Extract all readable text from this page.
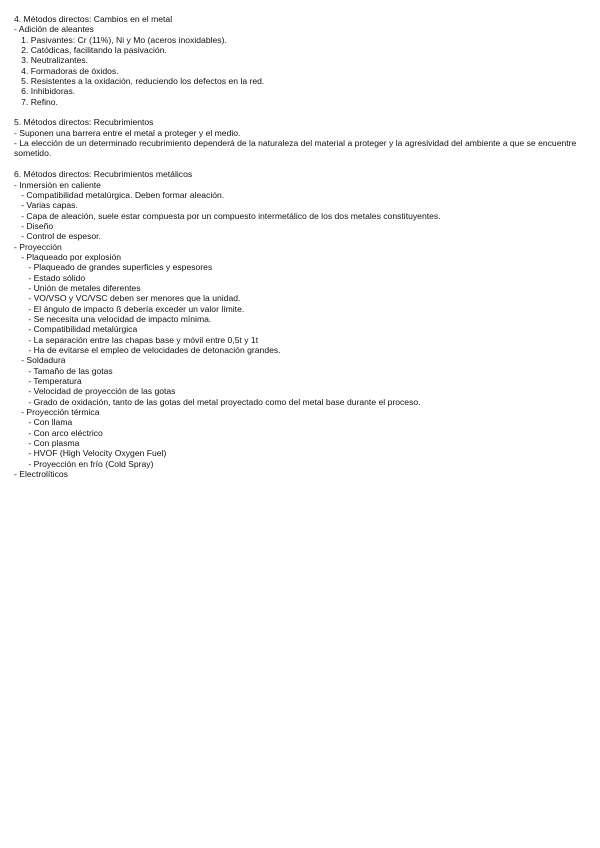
4. Métodos directos: Cambios en el metal
- Adición de aleantes
1. Pasivantes: Cr (11%), Ni y Mo (aceros inoxidables).
2. Catódicas, facilitando la pasivación.
3. Neutralizantes.
4. Formadoras de óxidos.
5. Resistentes a la oxidación, reduciendo los defectos en la red.
6. Inhibidoras.
7. Refino.
5. Métodos directos: Recubrimientos
- Suponen una barrera entre el metal a proteger y el medio.
- La elección de un determinado recubrimiento dependerá de la naturaleza del material a proteger y la agresividad del ambiente a que se encuentre sometido.
6. Métodos directos: Recubrimientos metálicos
- Inmersión en caliente
- Compatibilidad metalúrgica. Deben formar aleación.
- Varias capas.
- Capa de aleación, suele estar compuesta por un compuesto intermetálico de los dos metales constituyentes.
- Diseño
- Control de espesor.
- Proyección
- Plaqueado por explosión
- Plaqueado de grandes superficies y espesores
- Estado sólido
- Unión de metales diferentes
- VO/VSO y VC/VSC deben ser menores que la unidad.
- El ángulo de impacto ß debería exceder un valor límite.
- Se necesita una velocidad de impacto mínima.
- Compatibilidad metalúrgica
- La separación entre las chapas base y móvil entre 0,5t y 1t
- Ha de evitarse el empleo de velocidades de detonación grandes.
- Soldadura
- Tamaño de las gotas
- Temperatura
- Velocidad de proyección de las gotas
- Grado de oxidación, tanto de las gotas del metal proyectado como del metal base durante el proceso.
- Proyección térmica
- Con llama
- Con arco eléctrico
- Con plasma
- HVOF (High Velocity Oxygen Fuel)
- Proyección en frío (Cold Spray)
- Electrolíticos
